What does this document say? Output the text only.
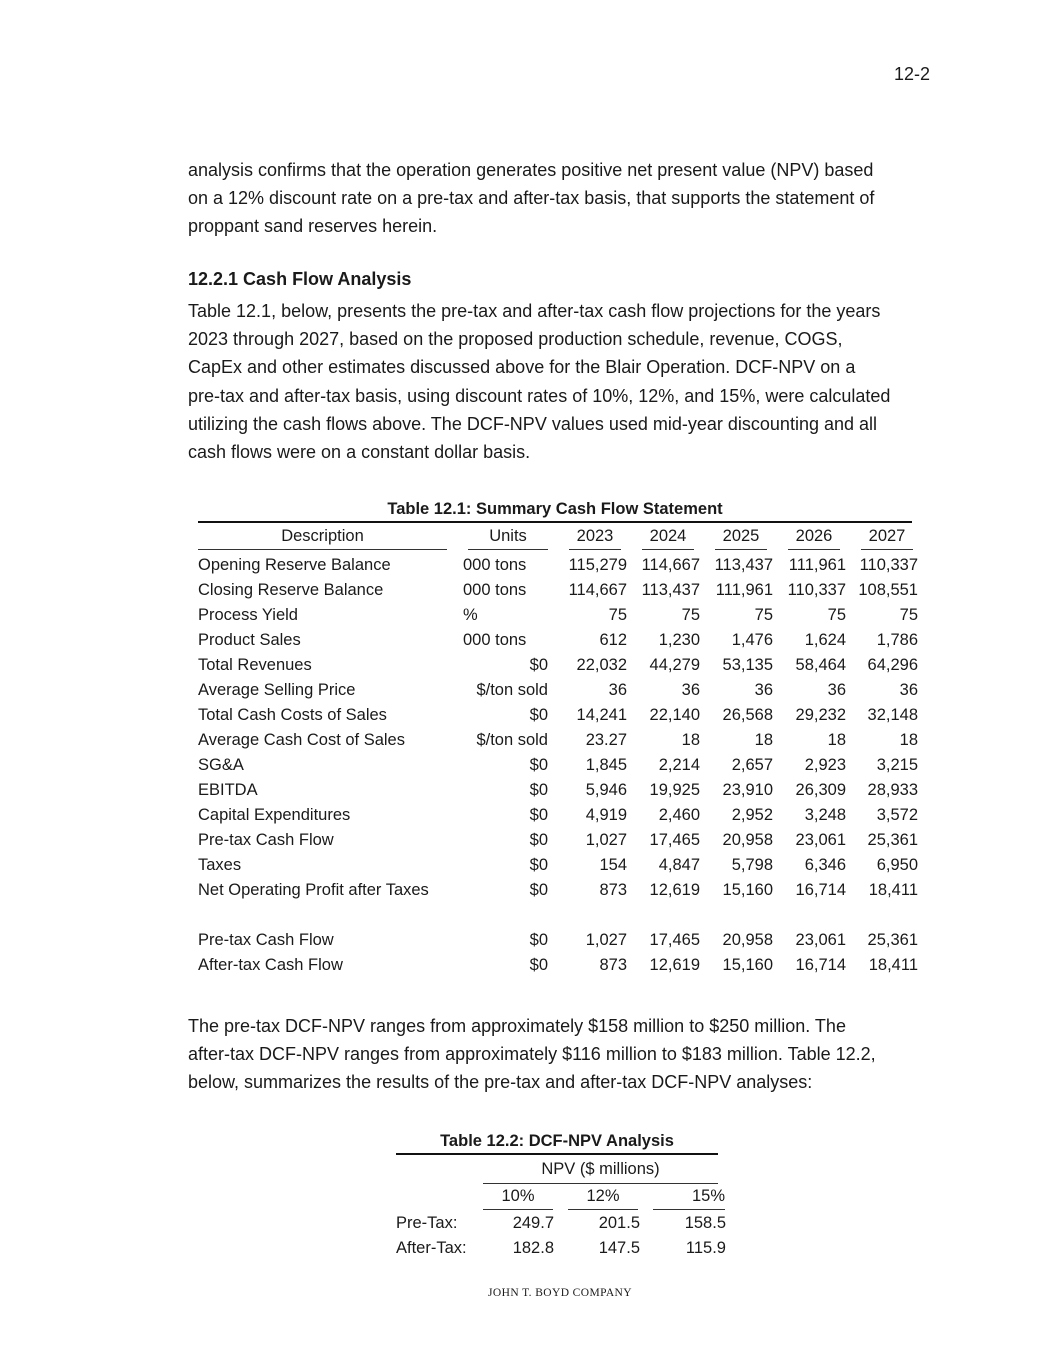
12-2
analysis confirms that the operation generates positive net present value (NPV) based
on a 12% discount rate on a pre-tax and after-tax basis, that supports the statement of
proppant sand reserves herein.
12.2.1 Cash Flow Analysis
Table 12.1, below, presents the pre-tax and after-tax cash flow projections for the years
2023 through 2027, based on the proposed production schedule, revenue, COGS,
CapEx and other estimates discussed above for the Blair Operation. DCF-NPV on a
pre-tax and after-tax basis, using discount rates of 10%, 12%, and 15%, were calculated
utilizing the cash flows above. The DCF-NPV values used mid-year discounting and all
cash flows were on a constant dollar basis.
Table 12.1: Summary Cash Flow Statement
Description	Units	2023	2024	2025	2026	2027
Opening Reserve Balance	000 tons	115,279 114,667 113,437 111,961 110,337
Closing Reserve Balance	000 tons	114,667 113,437 111,961 110,337 108,551
Process Yield	%	75	75	75	75	75
Product Sales	000 tons	612	1,230	1,476	1,624	1,786
Total Revenues	$0	22,032	44,279	53,135	58,464	64,296
Average Selling Price	$/ton sold	36	36	36	36	36
Total Cash Costs of Sales	$0	14,241	22,140	26,568	29,232	32,148
Average Cash Cost of Sales	$/ton sold	23.27	18	18	18	18
SG&A	$0	1,845	2,214	2,657	2,923	3,215
EBITDA	$0	5,946	19,925	23,910	26,309	28,933
Capital Expenditures	$0	4,919	2,460	2,952	3,248	3,572
Pre-tax Cash Flow	$0	1,027	17,465	20,958	23,061	25,361
Taxes	$0	154	4,847	5,798	6,346	6,950
Net Operating Profit after Taxes	$0	873	12,619	15,160	16,714	18,411
Pre-tax Cash Flow	$0	1,027	17,465	20,958	23,061	25,361
After-tax Cash Flow	$0	873	12,619	15,160	16,714	18,411
The pre-tax DCF-NPV ranges from approximately $158 million to $250 million. The
after-tax DCF-NPV ranges from approximately $116 million to $183 million. Table 12.2,
below, summarizes the results of the pre-tax and after-tax DCF-NPV analyses:
Table 12.2: DCF-NPV Analysis
NPV ($ millions)
10%	12%	15%
Pre-Tax:	249.7	201.5	158.5
After-Tax:	182.8	147.5	115.9
JOHN T. BOYD COMPANY
